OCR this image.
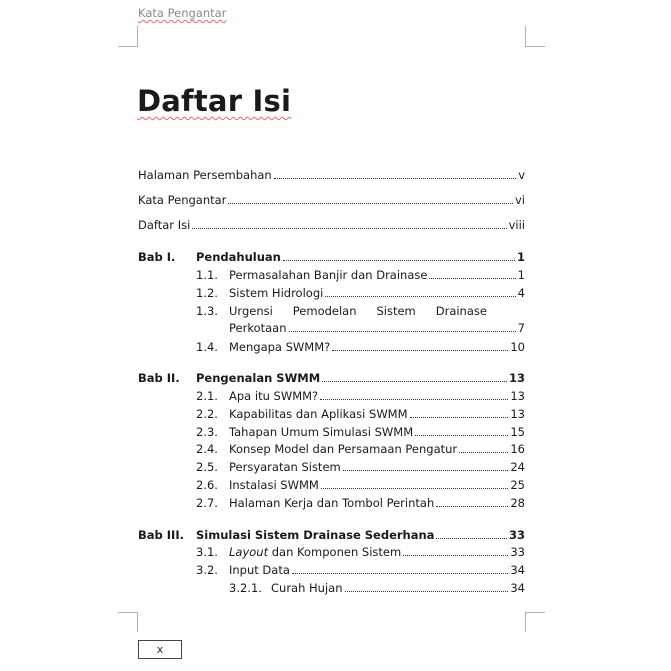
Kata Pengantar
Daftar Isi
Halaman Persembahan	v
Kata Pengantar	vi
Daftar Isi	viii
Bab I. Pendahuluan	1
1.1. Permasalahan Banjir dan Drainase	1
1.2. Sistem Hidrologi	4
1.3. Urgensi Pemodelan Sistem Drainase
Perkotaan	7
1.4. Mengapa SWMM?	10
Bab II. Pengenalan SWMM	13
2.1. Apa itu SWMM?	13
2.2. Kapabilitas dan Aplikasi SWMM	13
2.3. Tahapan Umum Simulasi SWMM	15
2.4. Konsep Model dan Persamaan Pengatur	16
2.5. Persyaratan Sistem	24
2.6. Instalasi SWMM	25
2.7. Halaman Kerja dan Tombol Perintah	28
Bab III. Simulasi Sistem Drainase Sederhana	33
3.1. Layout dan Komponen Sistem	33
3.2. Input Data	34
3.2.1. Curah Hujan	34
x
